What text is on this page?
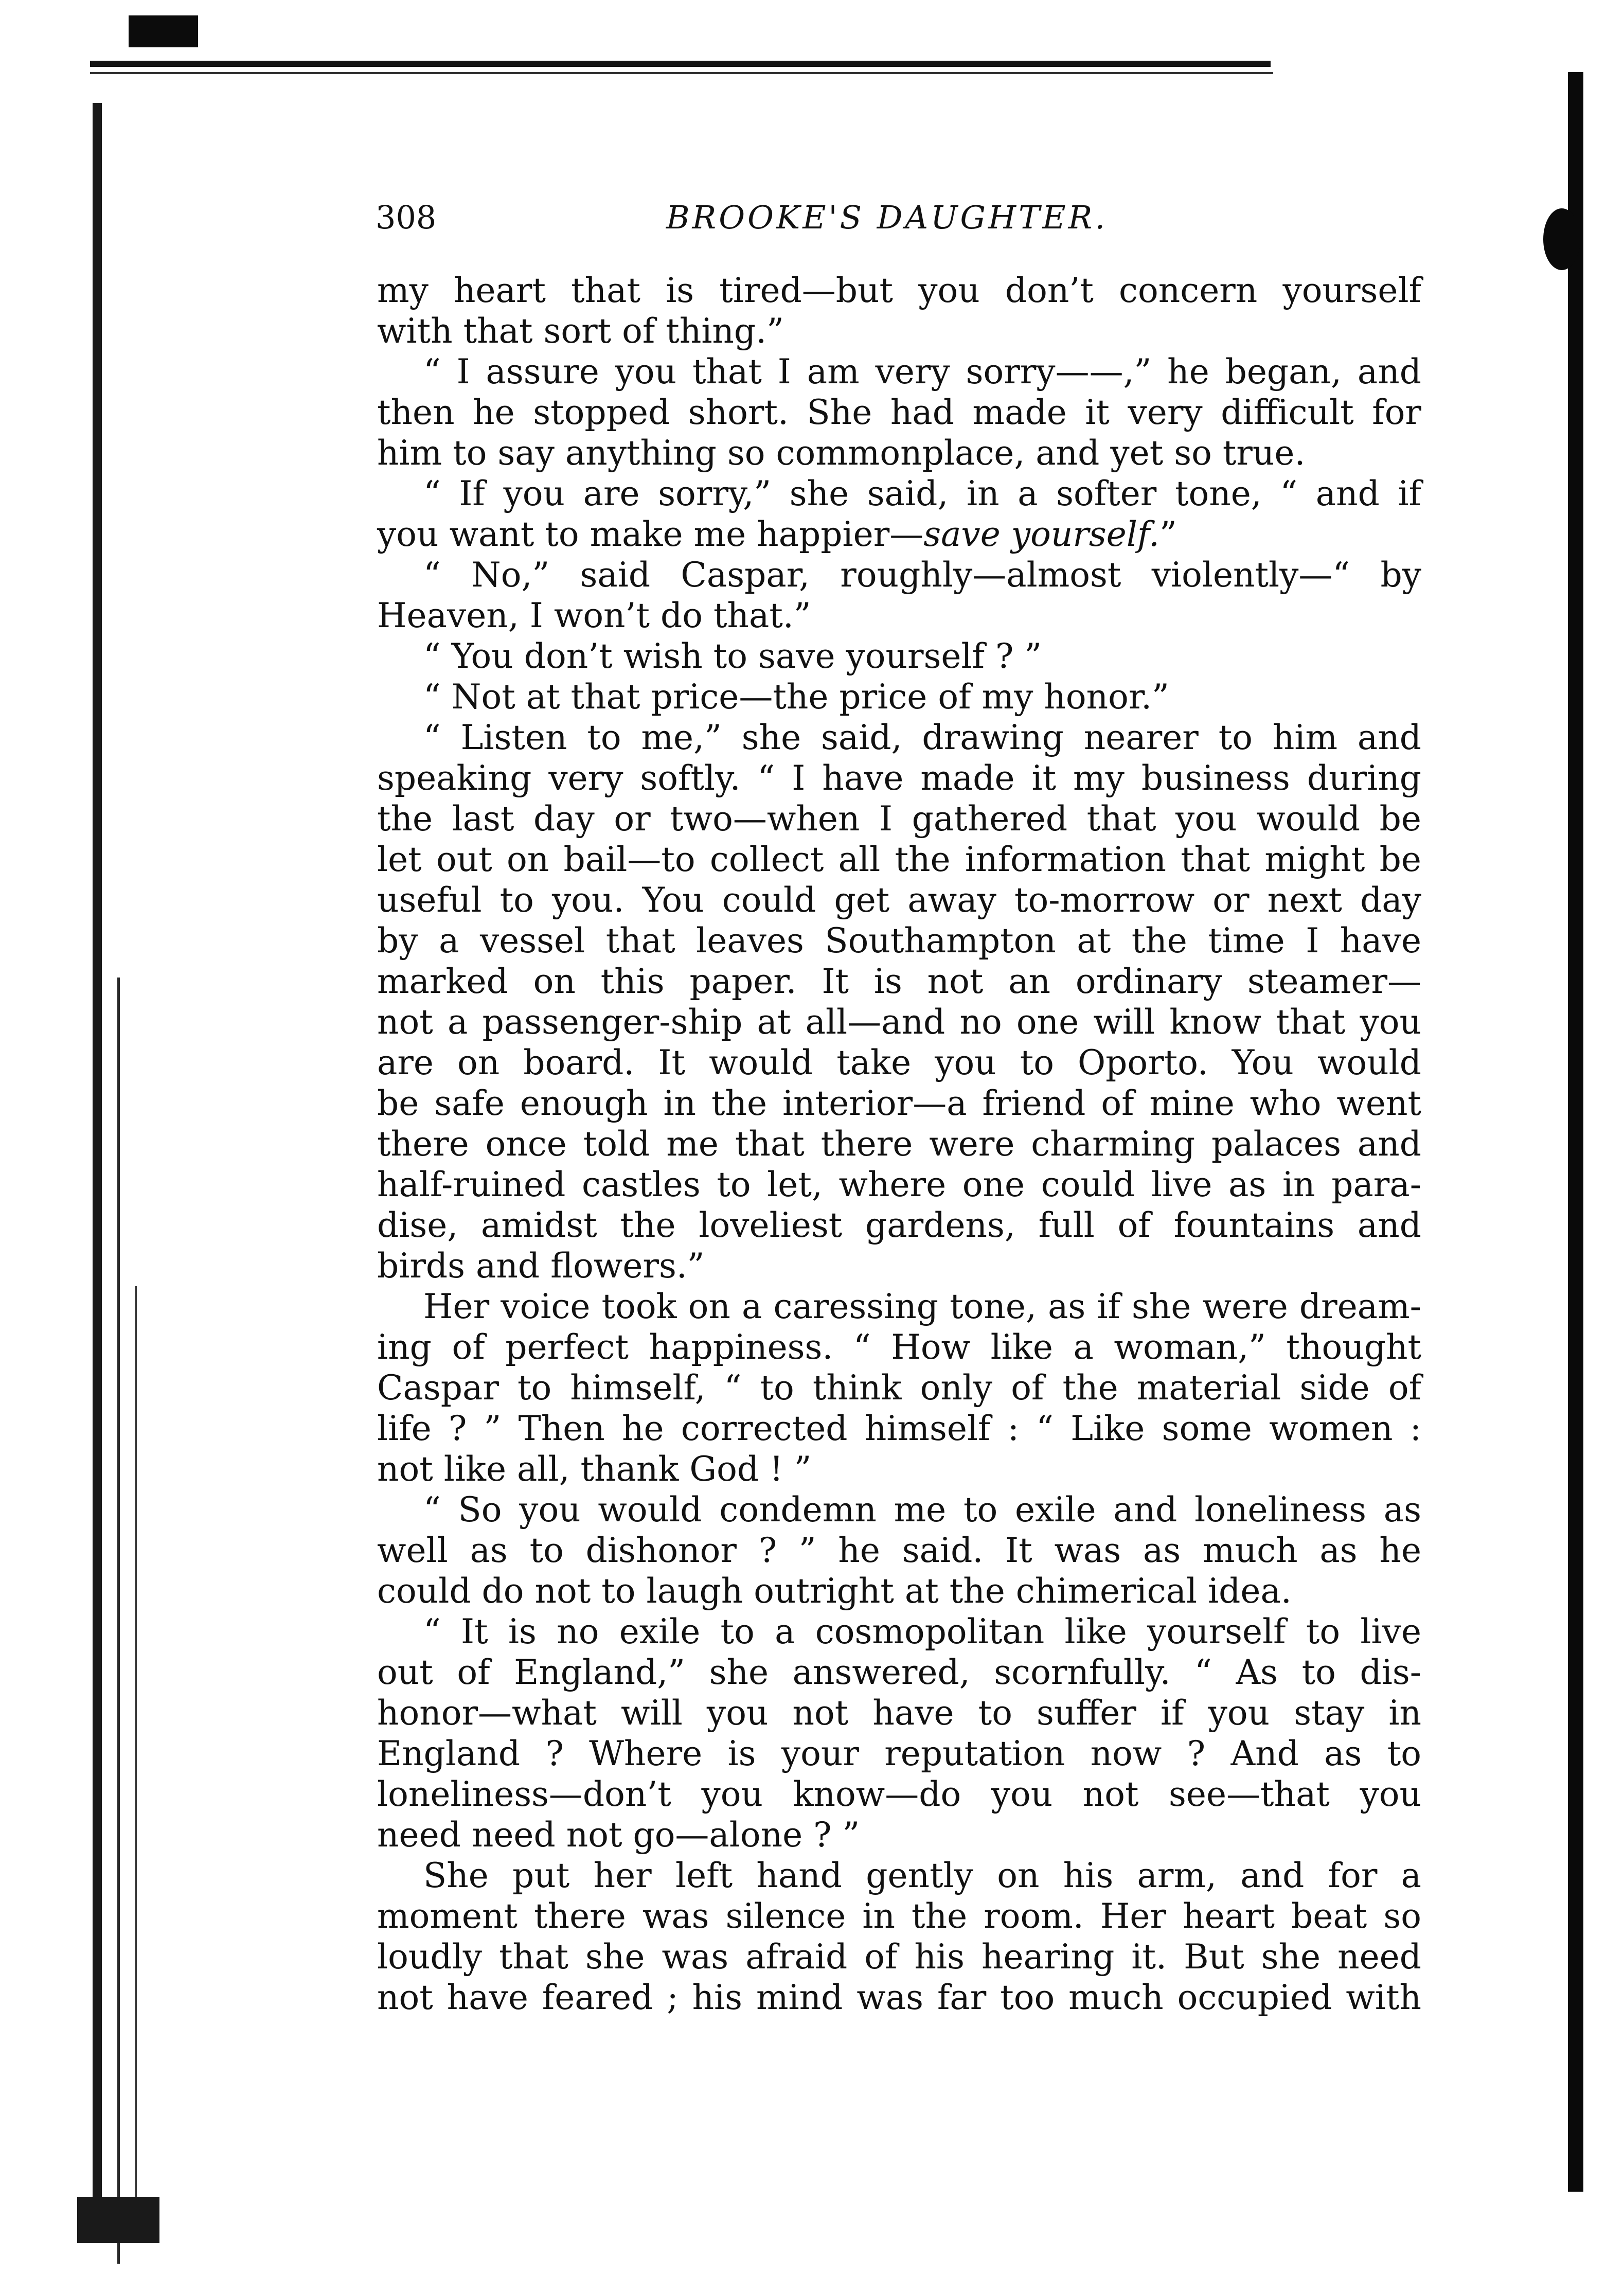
308	BROOKE'S DAUGHTER.
my heart that is tired—but you don’t concern yourself
with that sort of thing.”
“ I assure you that I am very sorry——,” he began, and
then he stopped short. She had made it very difficult for
him to say anything so commonplace, and yet so true.
“ If you are sorry,” she said, in a softer tone, “ and if
you want to make me happier—save yourself.”
“ No,” said Caspar, roughly—almost violently—“ by
Heaven, I won’t do that.”
“ You don’t wish to save yourself ? ”
“ Not at that price—the price of my honor.”
“ Listen to me,” she said, drawing nearer to him and
speaking very softly. “ I have made it my business during
the last day or two—when I gathered that you would be
let out on bail—to collect all the information that might be
useful to you. You could get away to-morrow or next day
by a vessel that leaves Southampton at the time I have
marked on this paper. It is not an ordinary steamer—
not a passenger-ship at all—and no one will know that you
are on board. It would take you to Oporto. You would
be safe enough in the interior—a friend of mine who went
there once told me that there were charming palaces and
half-ruined castles to let, where one could live as in para-
dise, amidst the loveliest gardens, full of fountains and
birds and flowers.”
Her voice took on a caressing tone, as if she were dream-
ing of perfect happiness. “ How like a woman,” thought
Caspar to himself, “ to think only of the material side of
life ? ” Then he corrected himself : “ Like some women :
not like all, thank God ! ”
“ So you would condemn me to exile and loneliness as
well as to dishonor ? ” he said. It was as much as he
could do not to laugh outright at the chimerical idea.
“ It is no exile to a cosmopolitan like yourself to live
out of England,” she answered, scornfully. “ As to dis-
honor—what will you not have to suffer if you stay in
England ? Where is your reputation now ? And as to
loneliness—don’t you know—do you not see—that you
need need not go—alone ? ”
She put her left hand gently on his arm, and for a
moment there was silence in the room. Her heart beat so
loudly that she was afraid of his hearing it. But she need
not have feared ; his mind was far too much occupied with
